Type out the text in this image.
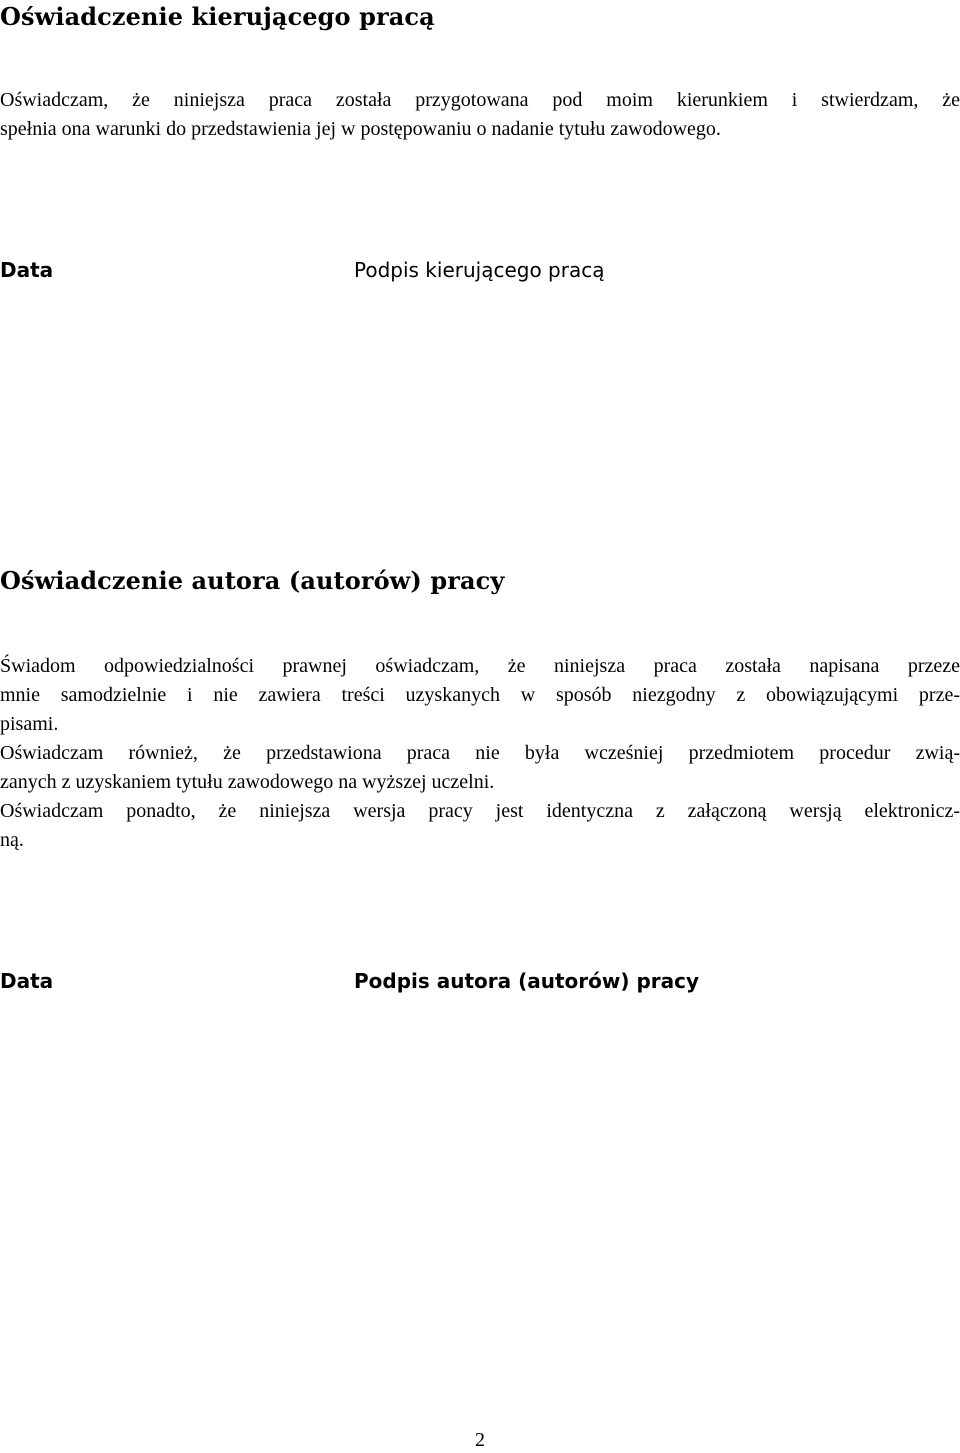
Oświadczenie kierującego pracą

Oświadczam, że niniejsza praca została przygotowana pod moim kierunkiem i stwierdzam, że
spełnia ona warunki do przedstawienia jej w postępowaniu o nadanie tytułu zawodowego.

Data	Podpis kierującego pracą
Oświadczenie autora (autorów) pracy

Świadom odpowiedzialności prawnej oświadczam, że niniejsza praca została napisana przeze
mnie samodzielnie i nie zawiera treści uzyskanych w sposób niezgodny z obowiązującymi prze-
pisami.
Oświadczam również, że przedstawiona praca nie była wcześniej przedmiotem procedur zwią-
zanych z uzyskaniem tytułu zawodowego na wyższej uczelni.
Oświadczam ponadto, że niniejsza wersja pracy jest identyczna z załączoną wersją elektronicz-
ną.

Data	Podpis autora (autorów) pracy
2
